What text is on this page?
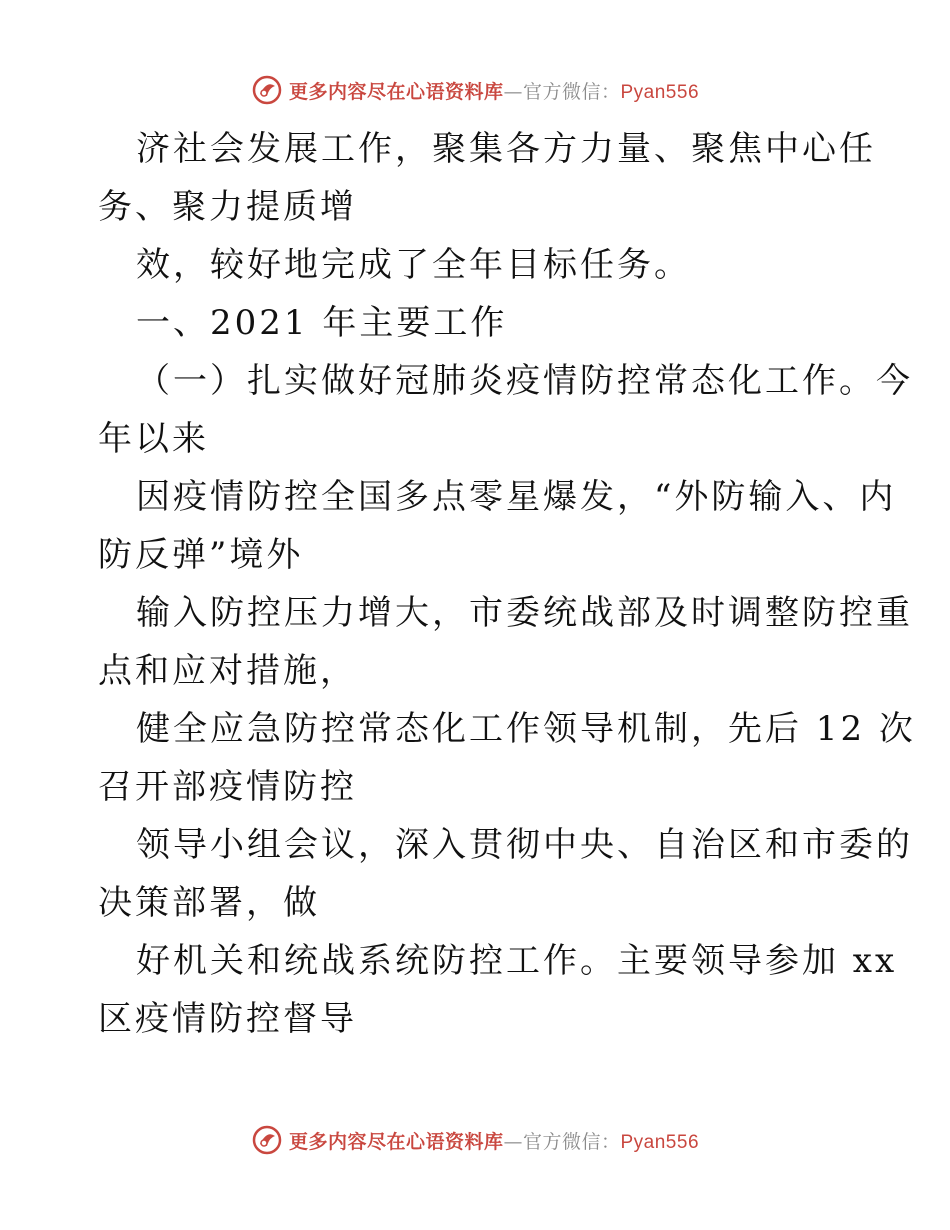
更多内容尽在心语资料库—官方微信：Pyan556
济社会发展工作，聚集各方力量、聚焦中心任
务、聚力提质增
效，较好地完成了全年目标任务。
一、2021 年主要工作
（一）扎实做好冠肺炎疫情防控常态化工作。今
年以来
因疫情防控全国多点零星爆发，“外防输入、内
防反弹”境外
输入防控压力增大，市委统战部及时调整防控重
点和应对措施，
健全应急防控常态化工作领导机制，先后 12 次
召开部疫情防控
领导小组会议，深入贯彻中央、自治区和市委的
决策部署，做
好机关和统战系统防控工作。主要领导参加 xx
区疫情防控督导
更多内容尽在心语资料库—官方微信：Pyan556
